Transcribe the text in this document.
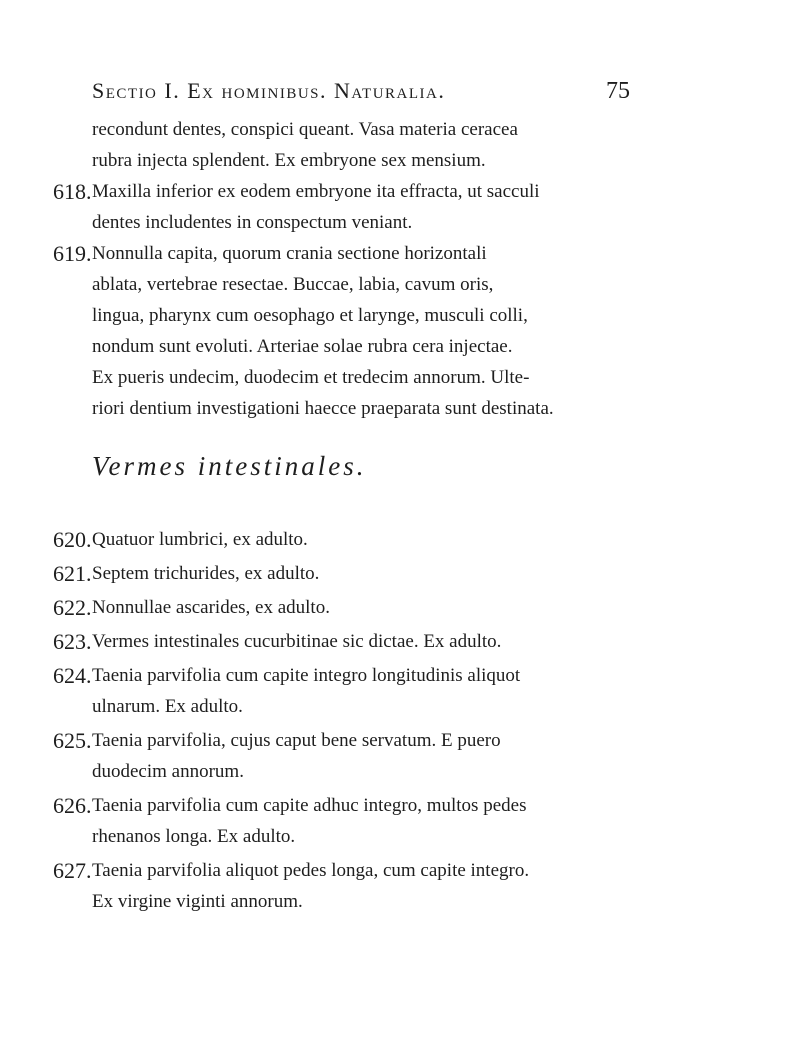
Sectio I. Ex hominibus. Naturalia.	75
recondunt dentes, conspici queant. Vasa materia ceracea
rubra injecta splendent. Ex embryone sex mensium.
618. Maxilla inferior ex eodem embryone ita effracta, ut sacculi
dentes includentes in conspectum veniant.
619. Nonnulla capita, quorum crania sectione horizontali
ablata, vertebrae resectae. Buccae, labia, cavum oris,
lingua, pharynx cum oesophago et larynge, musculi colli,
nondum sunt evoluti. Arteriae solae rubra cera injectae.
Ex pueris undecim, duodecim et tredecim annorum. Ulte-
riori dentium investigationi haecce praeparata sunt destinata.
Vermes intestinales.
620. Quatuor lumbrici, ex adulto.
621. Septem trichurides, ex adulto.
622. Nonnullae ascarides, ex adulto.
623. Vermes intestinales cucurbitinae sic dictae. Ex adulto.
624. Taenia parvifolia cum capite integro longitudinis aliquot
ulnarum. Ex adulto.
625. Taenia parvifolia, cujus caput bene servatum. E puero
duodecim annorum.
626. Taenia parvifolia cum capite adhuc integro, multos pedes
rhenanos longa. Ex adulto.
627. Taenia parvifolia aliquot pedes longa, cum capite integro.
Ex virgine viginti annorum.
